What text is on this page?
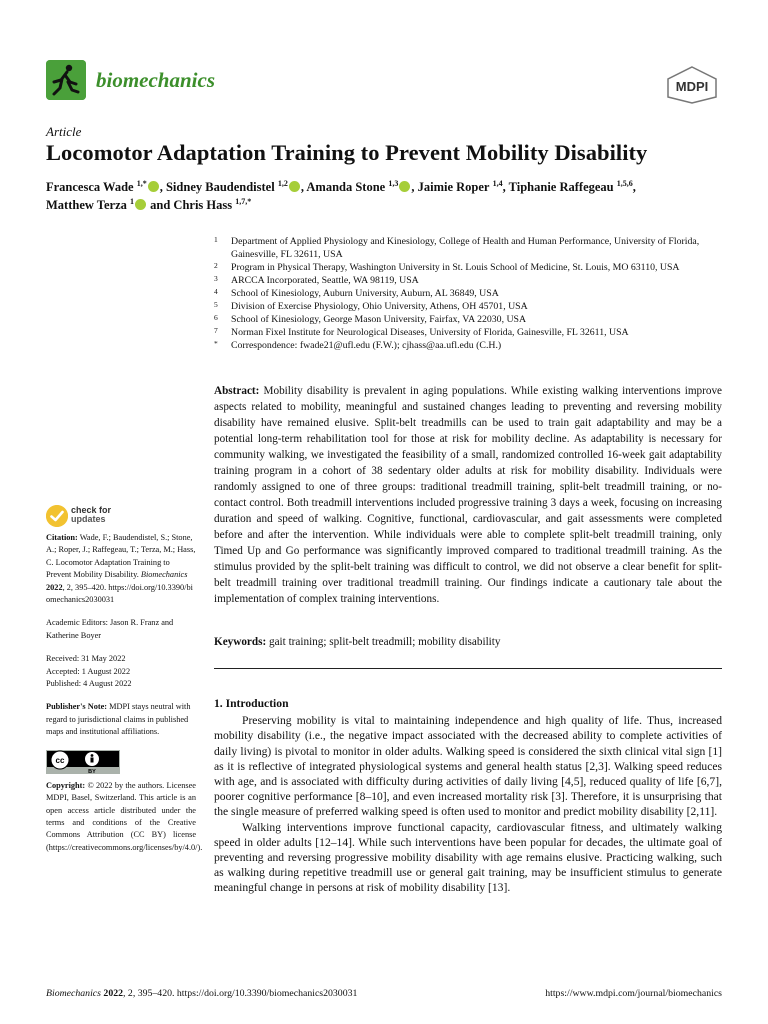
biomechanics	MDPI
Article
Locomotor Adaptation Training to Prevent Mobility Disability
Francesca Wade $^{1,*}$ , Sidney Baudendistel $^{1,2}$ , Amanda Stone $^{1,3}$ , Jaimie Roper $^{1,4}$, Tiphanie Raffegeau $^{1,5,6}$,
Matthew Terza $^1$ and Chris Hass $^{1,7,*}$
1 Department of Applied Physiology and Kinesiology, College of Health and Human Performance, University of Florida, Gainesville, FL 32611, USA
2 Program in Physical Therapy, Washington University in St. Louis School of Medicine, St. Louis, MO 63110, USA
3 ARCCA Incorporated, Seattle, WA 98119, USA
4 School of Kinesiology, Auburn University, Auburn, AL 36849, USA
5 Division of Exercise Physiology, Ohio University, Athens, OH 45701, USA
6 School of Kinesiology, George Mason University, Fairfax, VA 22030, USA
7 Norman Fixel Institute for Neurological Diseases, University of Florida, Gainesville, FL 32611, USA
* Correspondence: fwade21@ufl.edu (F.W.); cjhass@aa.ufl.edu (C.H.)
Abstract: Mobility disability is prevalent in aging populations. While existing walking interventions improve aspects related to mobility, meaningful and sustained changes leading to preventing and reversing mobility disability have remained elusive. Split-belt treadmills can be used to train gait adaptability and may be a potential long-term rehabilitation tool for those at risk for mobility decline. As adaptability is necessary for community walking, we investigated the feasibility of a small, randomized controlled 16-week gait adaptability training program in a cohort of 38 sedentary older adults at risk for mobility disability. Individuals were randomly assigned to one of three groups: traditional treadmill training, split-belt treadmill training, or no-contact control. Both treadmill interventions included progressive training 3 days a week, focusing on increasing duration and speed of walking. Cognitive, functional, cardiovascular, and gait assessments were completed before and after the intervention. While individuals were able to complete split-belt treadmill training, only Timed Up and Go performance was significantly improved compared to traditional treadmill training. As the stimulus provided by the split-belt training was difficult to control, we did not observe a clear benefit for split-belt treadmill training over traditional treadmill training. Our findings indicate a cautionary tale about the implementation of complex training interventions.
Keywords: gait training; split-belt treadmill; mobility disability
check for
updates
Citation: Wade, F.; Baudendistel, S.; Stone, A.; Roper, J.; Raffegeau, T.; Terza, M.; Hass, C. Locomotor Adaptation Training to Prevent Mobility Disability. Biomechanics 2022, 2, 395–420. https://doi.org/10.3390/biomechanics2030031
Academic Editors: Jason R. Franz and Katherine Boyer
Received: 31 May 2022
Accepted: 1 August 2022
Published: 4 August 2022
Publisher's Note: MDPI stays neutral with regard to jurisdictional claims in published maps and institutional affiliations.
cc
BY
Copyright: © 2022 by the authors. Licensee MDPI, Basel, Switzerland. This article is an open access article distributed under the terms and conditions of the Creative Commons Attribution (CC BY) license (https://creativecommons.org/licenses/by/4.0/).
1. Introduction

Preserving mobility is vital to maintaining independence and high quality of life. Thus, increased mobility disability (i.e., the negative impact associated with the decreased ability to complete activities of daily living) is pivotal to monitor in older adults. Walking speed is considered the sixth clinical vital sign [1] as it is reflective of integrated physiological systems and general health status [2,3]. Walking speed reduces with age, and is associated with difficulty during activities of daily living [4,5], reduced quality of life [6,7], poorer cognitive performance [8–10], and even increased mortality risk [3]. Therefore, it is unsurprising that the single measure of preferred walking speed is often used to monitor and predict mobility disability [2,11].

Walking interventions improve functional capacity, cardiovascular fitness, and ultimately walking speed in older adults [12–14]. While such interventions have been popular for decades, the ultimate goal of preventing and reversing progressive mobility disability with age remains elusive. Practicing walking, such as walking during repetitive treadmill use or general gait training, may be insufficient stimulus to generate meaningful change in persons at risk of mobility disability [13].

Biomechanics 2022, 2, 395–420. https://doi.org/10.3390/biomechanics2030031	https://www.mdpi.com/journal/biomechanics
